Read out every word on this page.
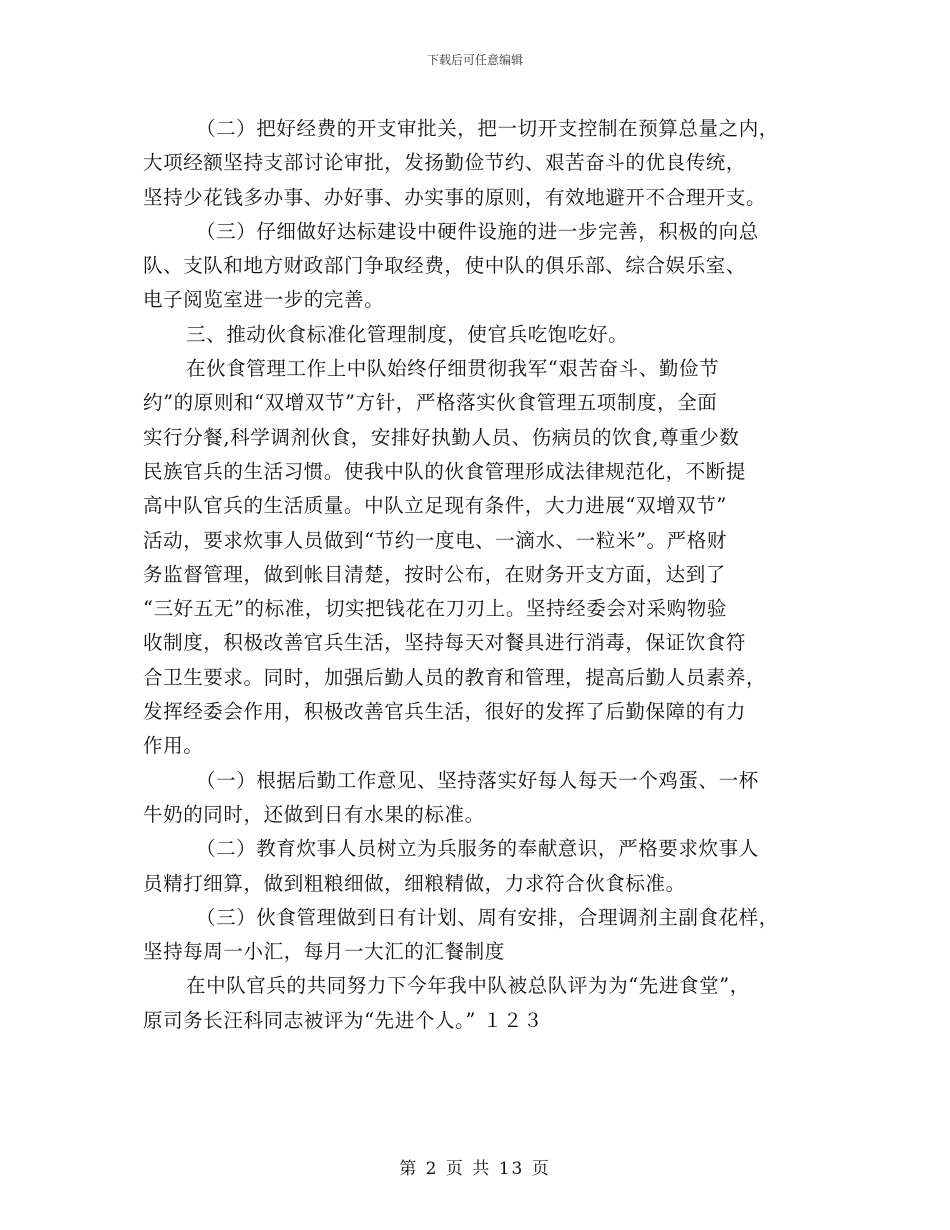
下载后可任意编辑
（二）把好经费的开支审批关，把一切开支控制在预算总量之内，
大项经额坚持支部讨论审批，发扬勤俭节约、艰苦奋斗的优良传统，
坚持少花钱多办事、办好事、办实事的原则，有效地避开不合理开支。
（三）仔细做好达标建设中硬件设施的进一步完善，积极的向总
队、支队和地方财政部门争取经费，使中队的俱乐部、综合娱乐室、
电子阅览室进一步的完善。
三、推动伙食标准化管理制度，使官兵吃饱吃好。
在伙食管理工作上中队始终仔细贯彻我军“艰苦奋斗、勤俭节
约”的原则和“双增双节”方针，严格落实伙食管理五项制度，全面
实行分餐,科学调剂伙食，安排好执勤人员、伤病员的饮食,尊重少数
民族官兵的生活习惯。使我中队的伙食管理形成法律规范化，不断提
高中队官兵的生活质量。中队立足现有条件，大力进展“双增双节”
活动，要求炊事人员做到“节约一度电、一滴水、一粒米”。严格财
务监督管理，做到帐目清楚，按时公布，在财务开支方面，达到了
“三好五无”的标准，切实把钱花在刀刃上。坚持经委会对采购物验
收制度，积极改善官兵生活，坚持每天对餐具进行消毒，保证饮食符
合卫生要求。同时，加强后勤人员的教育和管理，提高后勤人员素养，
发挥经委会作用，积极改善官兵生活，很好的发挥了后勤保障的有力
作用。
（一）根据后勤工作意见、坚持落实好每人每天一个鸡蛋、一杯
牛奶的同时，还做到日有水果的标准。
（二）教育炊事人员树立为兵服务的奉献意识，严格要求炊事人
员精打细算，做到粗粮细做，细粮精做，力求符合伙食标准。
（三）伙食管理做到日有计划、周有安排，合理调剂主副食花样，
坚持每周一小汇，每月一大汇的汇餐制度
在中队官兵的共同努力下今年我中队被总队评为为“先进食堂”，
原司务长汪科同志被评为“先进个人。” １２３
第 2 页 共 13 页
